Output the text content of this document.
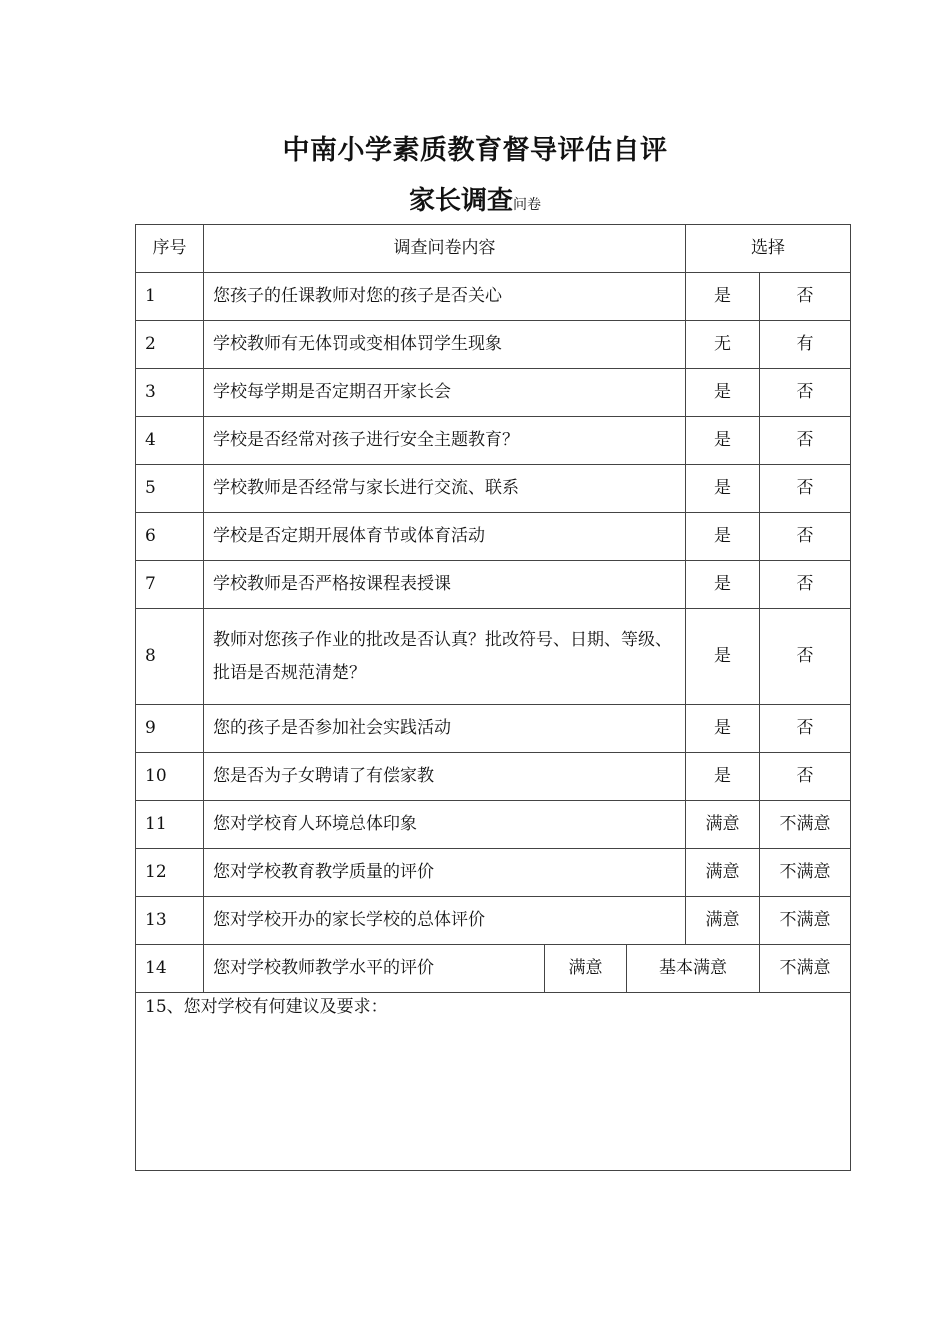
中南小学素质教育督导评估自评
家长调查问卷
序号	调查问卷内容			选择	
1	您孩子的任课教师对您的孩子是否关心			是	否
2	学校教师有无体罚或变相体罚学生现象			无	有
3	学校每学期是否定期召开家长会			是	否
4	学校是否经常对孩子进行安全主题教育？			是	否
5	学校教师是否经常与家长进行交流、联系			是	否
6	学校是否定期开展体育节或体育活动			是	否
7	学校教师是否严格按课程表授课			是	否
8	教师对您孩子作业的批改是否认真？批改符号、日期、等级、批语是否规范清楚？			是	否
9	您的孩子是否参加社会实践活动			是	否
10	您是否为子女聘请了有偿家教			是	否
11	您对学校育人环境总体印象			满意	不满意
12	您对学校教育教学质量的评价			满意	不满意
13	您对学校开办的家长学校的总体评价			满意	不满意
14	您对学校教师教学水平的评价	满意	基本满意		不满意
15、您对学校有何建议及要求：					
